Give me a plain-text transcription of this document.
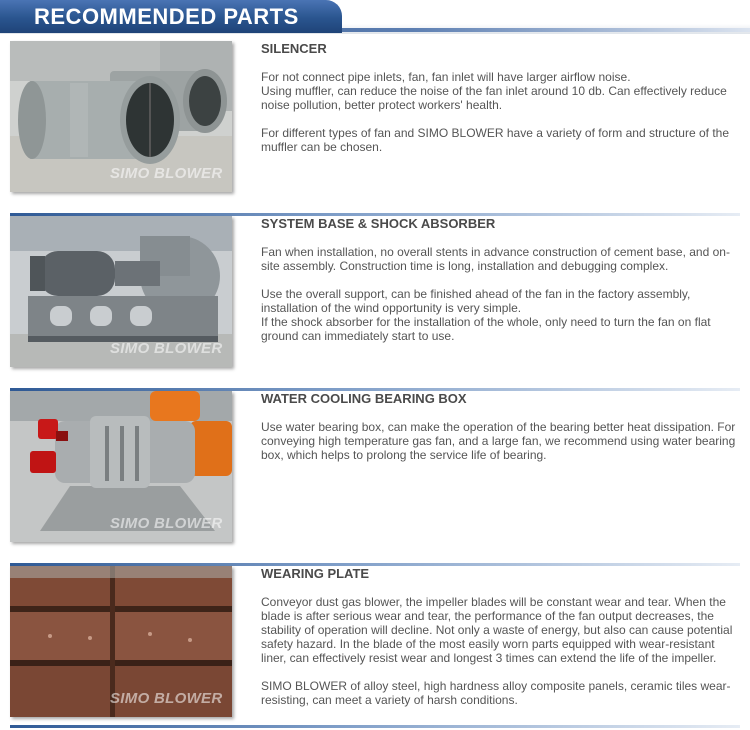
RECOMMENDED PARTS
SIMO BLOWER
SILENCER

For not connect pipe inlets, fan, fan inlet will have larger airflow noise.

Using muffler, can reduce the noise of the fan inlet around 10 db. Can effectively reduce noise pollution, better protect workers' health.

For different types of fan and SIMO BLOWER have a variety of form and structure of the muffler can be chosen.

SIMO BLOWER
SYSTEM BASE & SHOCK ABSORBER

Fan when installation, no overall stents in advance construction of cement base, and on-site assembly. Construction time is long, installation and debugging complex.

Use the overall support, can be finished ahead of the fan in the factory assembly, installation of the wind opportunity is very simple.

If the shock absorber for the installation of the whole, only need to turn the fan on flat ground can immediately start to use.

SIMO BLOWER
WATER COOLING BEARING BOX

Use water bearing box, can make the operation of the bearing better heat dissipation. For conveying high temperature gas fan, and a large fan, we recommend using water bearing box, which helps to prolong the service life of bearing.

SIMO BLOWER
WEARING PLATE

Conveyor dust gas blower, the impeller blades will be constant wear and tear. When the blade is after serious wear and tear, the performance of the fan output decreases, the stability of operation will decline. Not only a waste of energy, but also can cause potential safety hazard. In the blade of the most easily worn parts equipped with wear-resistant liner, can effectively resist wear and longest 3 times can extend the life of the impeller.

SIMO BLOWER of alloy steel, high hardness alloy composite panels, ceramic tiles wear-resisting, can meet a variety of harsh conditions.
